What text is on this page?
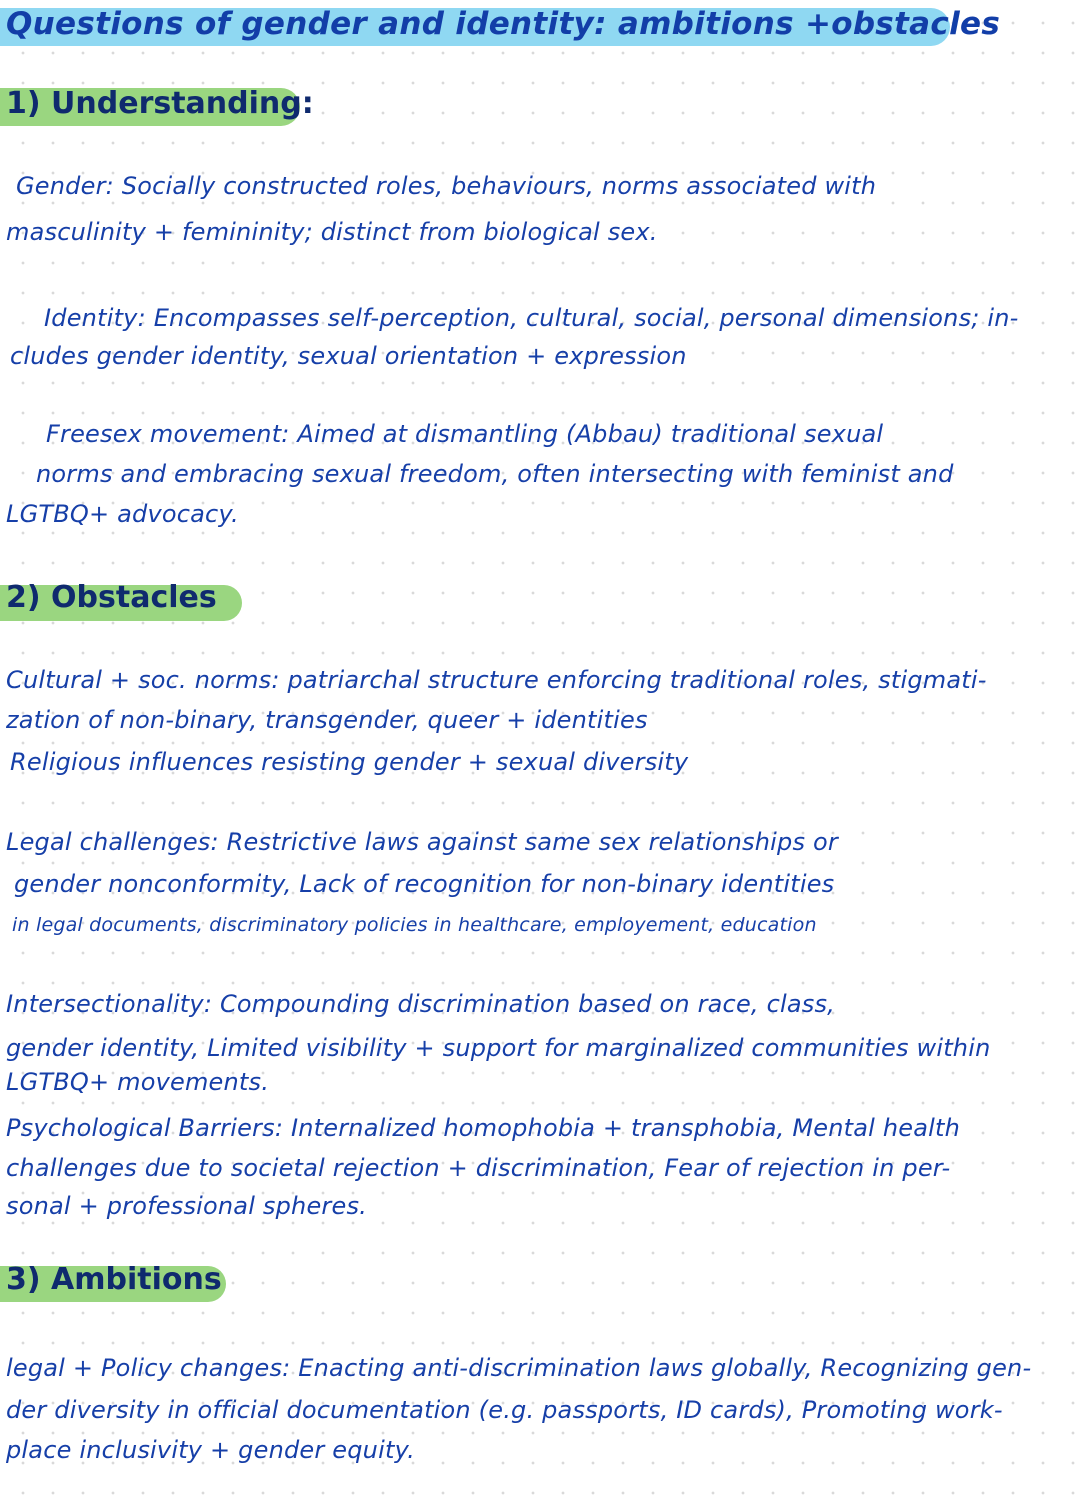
Questions of gender and identity: ambitions +obstacles
1) Understanding:
Gender: Socially constructed roles, behaviours, norms associated with
masculinity + femininity; distinct from biological sex.
Identity: Encompasses self-perception, cultural, social, personal dimensions; in-
cludes gender identity, sexual orientation + expression
Freesex movement: Aimed at dismantling (Abbau) traditional sexual
norms and embracing sexual freedom, often intersecting with feminist and
LGTBQ+ advocacy.
2) Obstacles
Cultural + soc. norms: patriarchal structure enforcing traditional roles, stigmati-
zation of non-binary, transgender, queer + identities
Religious influences resisting gender + sexual diversity
Legal challenges: Restrictive laws against same sex relationships or
gender nonconformity, Lack of recognition for non-binary identities
in legal documents, discriminatory policies in healthcare, employement, education
Intersectionality: Compounding discrimination based on race, class,
gender identity, Limited visibility + support for marginalized communities within
LGTBQ+ movements.
Psychological Barriers: Internalized homophobia + transphobia, Mental health
challenges due to societal rejection + discrimination, Fear of rejection in per-
sonal + professional spheres.
3) Ambitions
legal + Policy changes: Enacting anti-discrimination laws globally, Recognizing gen-
der diversity in official documentation (e.g. passports, ID cards), Promoting work-
place inclusivity + gender equity.
